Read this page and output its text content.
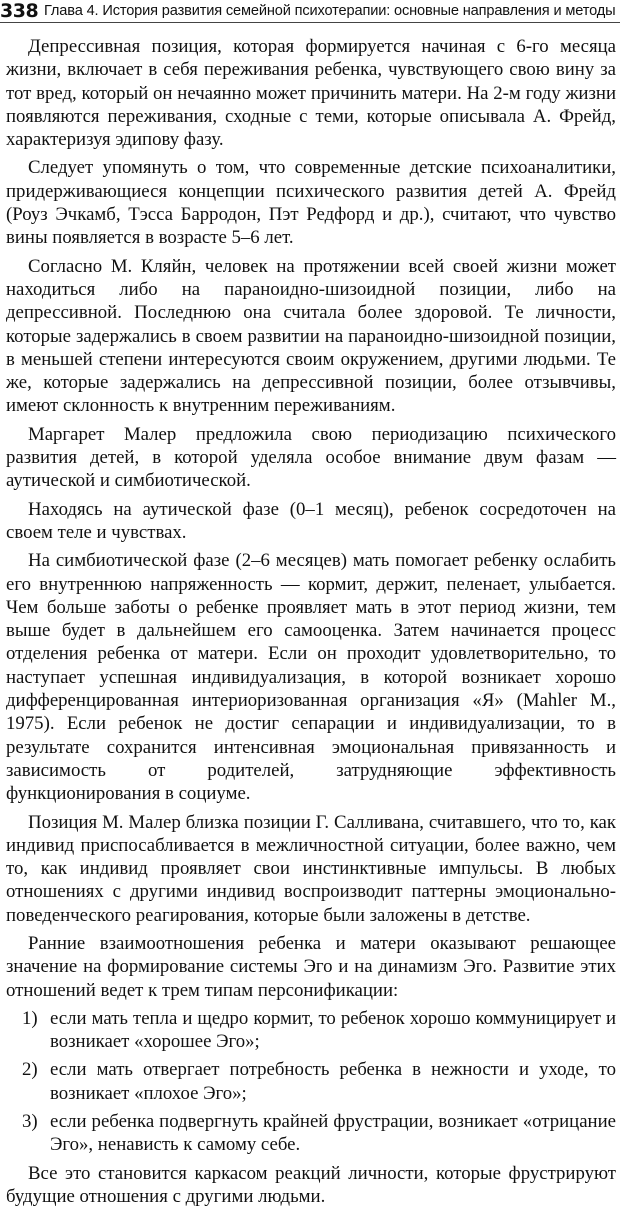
338 Глава 4. История развития семейной психотерапии: основные направления и методы

Депрессивная позиция, которая формируется начиная с 6-го месяца жизни, включает в себя переживания ребенка, чувствующего свою вину за тот вред, который он нечаянно может причинить матери. На 2-м году жизни появляются переживания, сходные с теми, которые описывала А. Фрейд, характеризуя эдипову фазу.

Следует упомянуть о том, что современные детские психоаналитики, придерживающиеся концепции психического развития детей А. Фрейд (Роуз Эчкамб, Тэсса Барродон, Пэт Редфорд и др.), считают, что чувство вины появляется в возрасте 5–6 лет.

Согласно М. Кляйн, человек на протяжении всей своей жизни может находиться либо на параноидно-шизоидной позиции, либо на депрессивной. Последнюю она считала более здоровой. Те личности, которые задержались в своем развитии на параноидно-шизоидной позиции, в меньшей степени интересуются своим окружением, другими людьми. Те же, которые задержались на депрессивной позиции, более отзывчивы, имеют склонность к внутренним переживаниям.

Маргарет Малер предложила свою периодизацию психического развития детей, в которой уделяла особое внимание двум фазам — аутической и симбиотической.

Находясь на аутической фазе (0–1 месяц), ребенок сосредоточен на своем теле и чувствах.

На симбиотической фазе (2–6 месяцев) мать помогает ребенку ослабить его внутреннюю напряженность — кормит, держит, пеленает, улыбается. Чем больше заботы о ребенке проявляет мать в этот период жизни, тем выше будет в дальнейшем его самооценка. Затем начинается процесс отделения ребенка от матери. Если он проходит удовлетворительно, то наступает успешная индивидуализация, в которой возникает хорошо дифференцированная интериоризованная организация «Я» (Mahler M., 1975). Если ребенок не достиг сепарации и индивидуализации, то в результате сохранится интенсивная эмоциональная привязанность и зависимость от родителей, затрудняющие эффективность функционирования в социуме.

Позиция М. Малер близка позиции Г. Салливана, считавшего, что то, как индивид приспосабливается в межличностной ситуации, более важно, чем то, как индивид проявляет свои инстинктивные импульсы. В любых отношениях с другими индивид воспроизводит паттерны эмоционально-поведенческого реагирования, которые были заложены в детстве.

Ранние взаимоотношения ребенка и матери оказывают решающее значение на формирование системы Эго и на динамизм Эго. Развитие этих отношений ведет к трем типам персонификации:

1) если мать тепла и щедро кормит, то ребенок хорошо коммуницирует и возникает «хорошее Эго»;
2) если мать отвергает потребность ребенка в нежности и уходе, то возникает «плохое Эго»;
3) если ребенка подвергнуть крайней фрустрации, возникает «отрицание Эго», ненависть к самому себе.

Все это становится каркасом реакций личности, которые фрустрируют будущие отношения с другими людьми.
